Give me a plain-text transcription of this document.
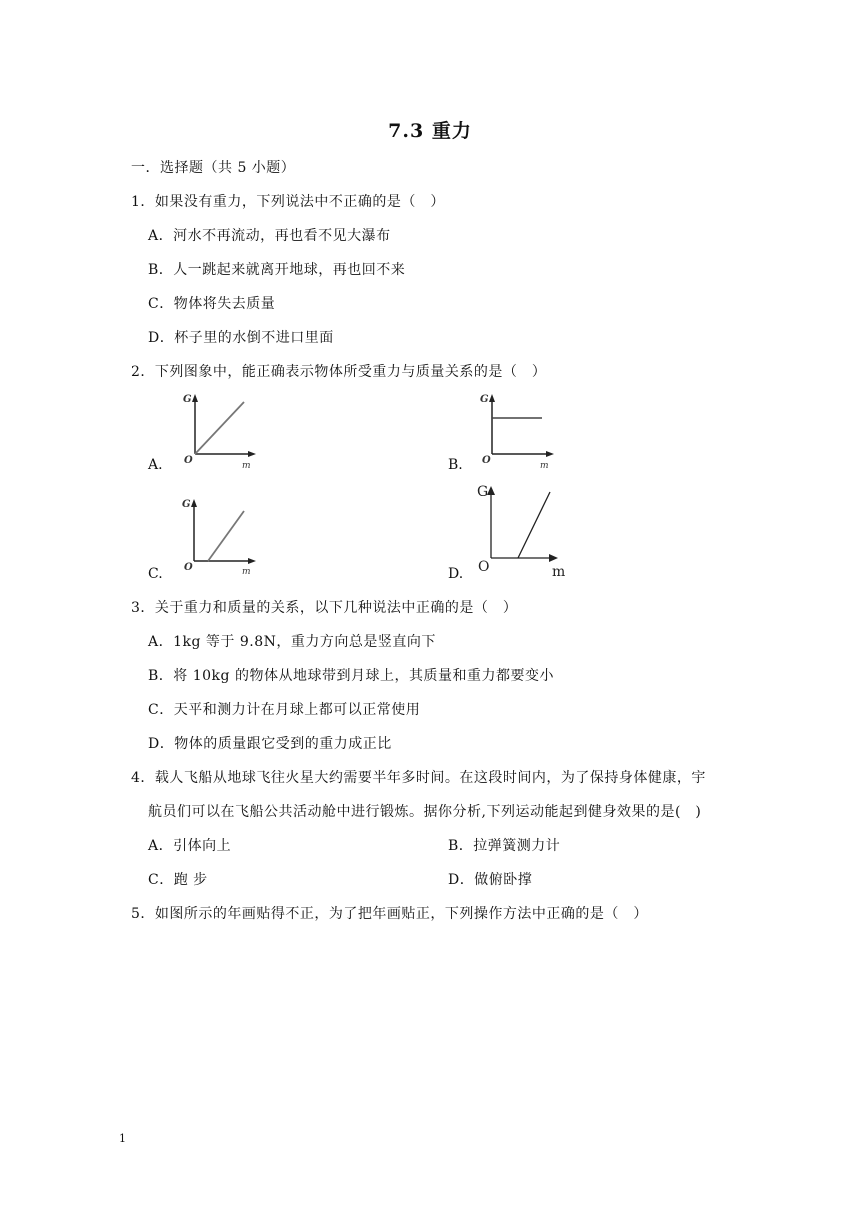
7.3 重力
一．选择题（共 5 小题）
1．如果没有重力，下列说法中不正确的是（　）
A．河水不再流动，再也看不见大瀑布
B．人一跳起来就离开地球，再也回不来
C．物体将失去质量
D．杯子里的水倒不进口里面
2．下列图象中，能正确表示物体所受重力与质量关系的是（　）
A.
G
O	m	B.
G
O	m
C.
G
O	m	D.
G
O	m
3．关于重力和质量的关系，以下几种说法中正确的是（　）
A．1kg 等于 9.8N，重力方向总是竖直向下
B．将 10kg 的物体从地球带到月球上，其质量和重力都要变小
C．天平和测力计在月球上都可以正常使用
D．物体的质量跟它受到的重力成正比
4．载人飞船从地球飞往火星大约需要半年多时间。在这段时间内，为了保持身体健康，宇
航员们可以在飞船公共活动舱中进行锻炼。据你分析,下列运动能起到健身效果的是(　)
A．引体向上	B．拉弹簧测力计
C．跑 步	D．做俯卧撑
5．如图所示的年画贴得不正，为了把年画贴正，下列操作方法中正确的是（　）
1
